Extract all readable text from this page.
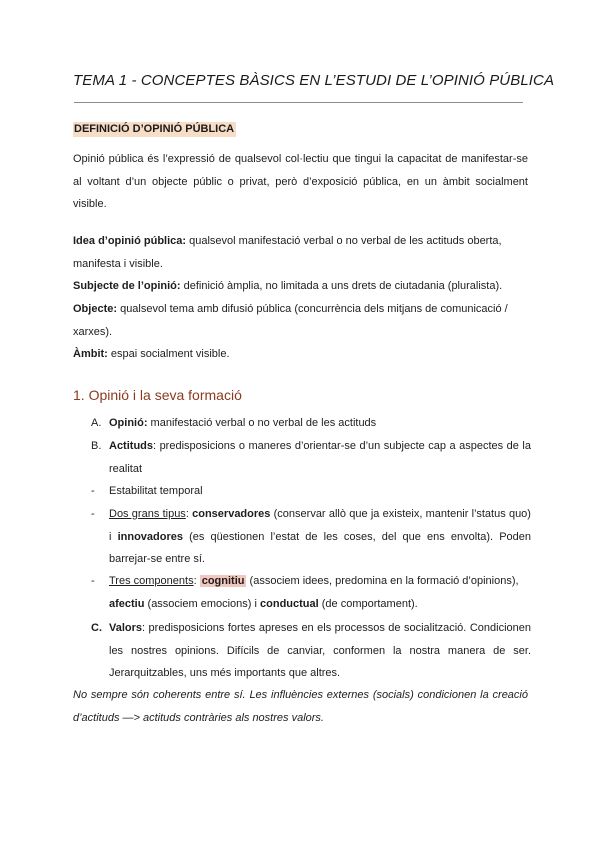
TEMA 1 - CONCEPTES BÀSICS EN L’ESTUDI DE L’OPINIÓ PÚBLICA
DEFINICIÓ D’OPINIÓ PÚBLICA
Opinió pública és l’expressió de qualsevol col·lectiu que tingui la capacitat de manifestar-se al voltant d’un objecte públic o privat, però d’exposició pública, en un àmbit socialment visible.
Idea d’opinió pública: qualsevol manifestació verbal o no verbal de les actituds oberta, manifesta i visible.
Subjecte de l’opinió: definició àmplia, no limitada a uns drets de ciutadania (pluralista).
Objecte: qualsevol tema amb difusió pública (concurrència dels mitjans de comunicació / xarxes).
Àmbit: espai socialment visible.
1. Opinió i la seva formació
A. Opinió: manifestació verbal o no verbal de les actituds
B. Actituds: predisposicions o maneres d’orientar-se d’un subjecte cap a aspectes de la realitat
-	Estabilitat temporal
-	Dos grans tipus: conservadores (conservar allò que ja existeix, mantenir l’status quo) i innovadores (es qüestionen l’estat de les coses, del que ens envolta). Poden barrejar-se entre sí.
-	Tres components: cognitiu (associem idees, predomina en la formació d’opinions), afectiu (associem emocions) i conductual (de comportament).
C. Valors: predisposicions fortes apreses en els processos de socialització. Condicionen les nostres opinions. Difícils de canviar, conformen la nostra manera de ser. Jerarquitzables, uns més importants que altres.
No sempre són coherents entre sí. Les influències externes (socials) condicionen la creació d’actituds —> actituds contràries als nostres valors.
